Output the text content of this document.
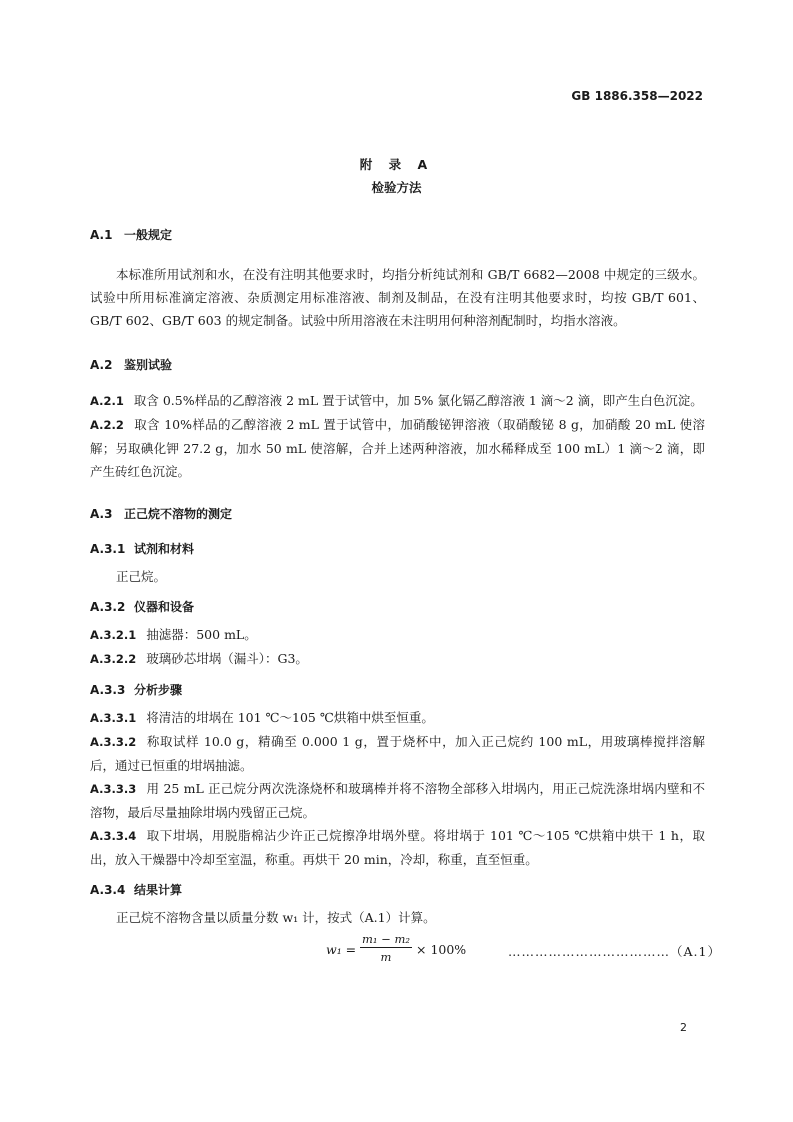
GB 1886.358—2022
附 录 A
检验方法
A.1 一般规定
本标准所用试剂和水，在没有注明其他要求时，均指分析纯试剂和 GB/T 6682—2008 中规定的三级水。试验中所用标准滴定溶液、杂质测定用标准溶液、制剂及制品，在没有注明其他要求时，均按 GB/T 601、GB/T 602、GB/T 603 的规定制备。试验中所用溶液在未注明用何种溶剂配制时，均指水溶液。
A.2 鉴别试验
A.2.1 取含 0.5%样品的乙醇溶液 2 mL 置于试管中，加 5% 氯化镉乙醇溶液 1 滴～2 滴，即产生白色沉淀。
A.2.2 取含 10%样品的乙醇溶液 2 mL 置于试管中，加硝酸铋钾溶液（取硝酸铋 8 g，加硝酸 20 mL 使溶解；另取碘化钾 27.2 g，加水 50 mL 使溶解，合并上述两种溶液，加水稀释成至 100 mL）1 滴～2 滴，即产生砖红色沉淀。
A.3 正己烷不溶物的测定
A.3.1 试剂和材料
正己烷。
A.3.2 仪器和设备
A.3.2.1 抽滤器：500 mL。
A.3.2.2 玻璃砂芯坩埚（漏斗）：G3。
A.3.3 分析步骤
A.3.3.1 将清洁的坩埚在 101 ℃～105 ℃烘箱中烘至恒重。
A.3.3.2 称取试样 10.0 g，精确至 0.000 1 g，置于烧杯中，加入正己烷约 100 mL，用玻璃棒搅拌溶解后，通过已恒重的坩埚抽滤。
A.3.3.3 用 25 mL 正己烷分两次洗涤烧杯和玻璃棒并将不溶物全部移入坩埚内，用正己烷洗涤坩埚内壁和不溶物，最后尽量抽除坩埚内残留正己烷。
A.3.3.4 取下坩埚，用脱脂棉沾少许正己烷擦净坩埚外壁。将坩埚于 101 ℃～105 ℃烘箱中烘干 1 h，取出，放入干燥器中冷却至室温，称重。再烘干 20 min，冷却，称重，直至恒重。
A.3.4 结果计算
正己烷不溶物含量以质量分数 w₁ 计，按式（A.1）计算。
$w_1 = \frac{\text{m₁ − m₂}}{m} \times 100\%$	………………………………（A.1）
2
